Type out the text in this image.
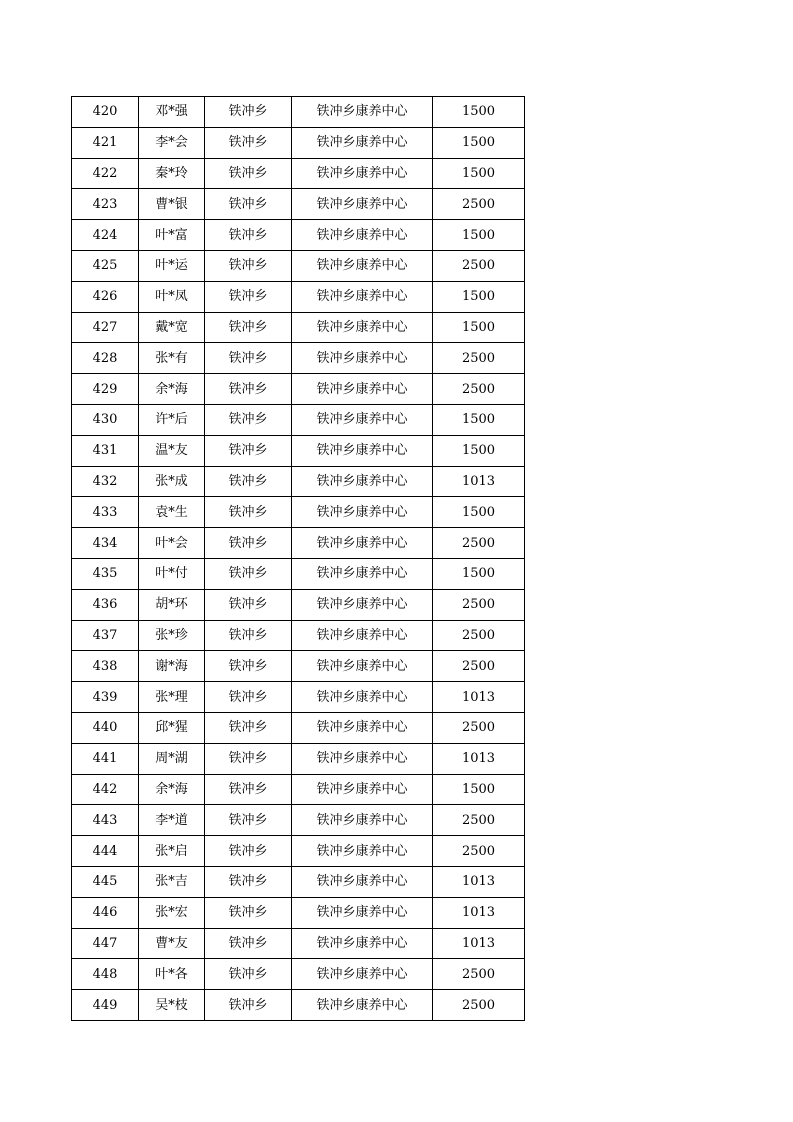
420	邓*强	铁冲乡	铁冲乡康养中心	1500
421	李*会	铁冲乡	铁冲乡康养中心	1500
422	秦*玲	铁冲乡	铁冲乡康养中心	1500
423	曹*银	铁冲乡	铁冲乡康养中心	2500
424	叶*富	铁冲乡	铁冲乡康养中心	1500
425	叶*运	铁冲乡	铁冲乡康养中心	2500
426	叶*凤	铁冲乡	铁冲乡康养中心	1500
427	戴*宽	铁冲乡	铁冲乡康养中心	1500
428	张*有	铁冲乡	铁冲乡康养中心	2500
429	余*海	铁冲乡	铁冲乡康养中心	2500
430	许*后	铁冲乡	铁冲乡康养中心	1500
431	温*友	铁冲乡	铁冲乡康养中心	1500
432	张*成	铁冲乡	铁冲乡康养中心	1013
433	袁*生	铁冲乡	铁冲乡康养中心	1500
434	叶*会	铁冲乡	铁冲乡康养中心	2500
435	叶*付	铁冲乡	铁冲乡康养中心	1500
436	胡*环	铁冲乡	铁冲乡康养中心	2500
437	张*珍	铁冲乡	铁冲乡康养中心	2500
438	谢*海	铁冲乡	铁冲乡康养中心	2500
439	张*理	铁冲乡	铁冲乡康养中心	1013
440	邱*猩	铁冲乡	铁冲乡康养中心	2500
441	周*湖	铁冲乡	铁冲乡康养中心	1013
442	余*海	铁冲乡	铁冲乡康养中心	1500
443	李*道	铁冲乡	铁冲乡康养中心	2500
444	张*启	铁冲乡	铁冲乡康养中心	2500
445	张*吉	铁冲乡	铁冲乡康养中心	1013
446	张*宏	铁冲乡	铁冲乡康养中心	1013
447	曹*友	铁冲乡	铁冲乡康养中心	1013
448	叶*各	铁冲乡	铁冲乡康养中心	2500
449	吴*枝	铁冲乡	铁冲乡康养中心	2500
